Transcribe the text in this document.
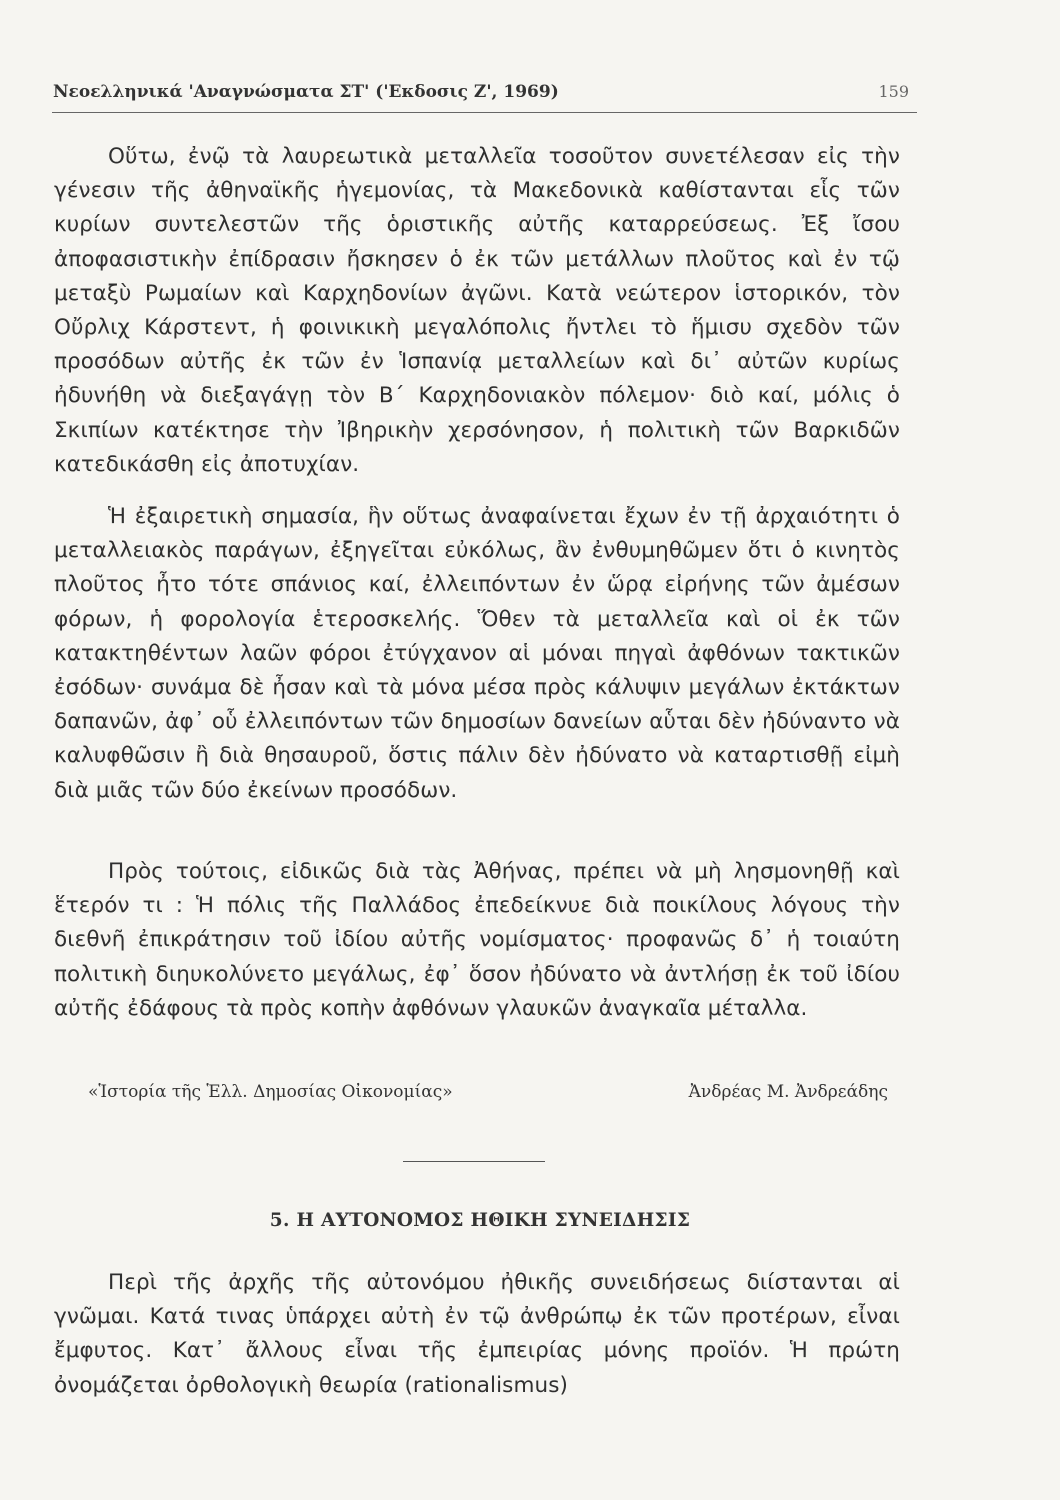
Νεοελληνικά 'Αναγνώσματα ΣΤ' ('Εκδοσις Ζ', 1969)	159

Οὕτω, ἐνῷ τὰ λαυρεωτικὰ μεταλλεῖα τοσοῦτον συνετέλεσαν εἰς τὴν γένεσιν τῆς ἀθηναϊκῆς ἡγεμονίας, τὰ Μακεδονικὰ καθίστανται εἷς τῶν κυρίων συντελεστῶν τῆς ὁριστικῆς αὐτῆς καταρρεύσεως. Ἐξ ἴσου ἀποφασιστικὴν ἐπίδρασιν ἤσκησεν ὁ ἐκ τῶν μετάλλων πλοῦτος καὶ ἐν τῷ μεταξὺ Ρωμαίων καὶ Καρχηδονίων ἀγῶνι. Κατὰ νεώτερον ἱστορικόν, τὸν Οὔρλιχ Κάρστεντ, ἡ φοινικικὴ μεγαλόπολις ἤντλει τὸ ἥμισυ σχεδὸν τῶν προσόδων αὐτῆς ἐκ τῶν ἐν Ἱσπανίᾳ μεταλλείων καὶ δι᾽ αὐτῶν κυρίως ἠδυνήθη νὰ διεξαγάγῃ τὸν Β΄ Καρχηδονιακὸν πόλεμον· διὸ καί, μόλις ὁ Σκιπίων κατέκτησε τὴν Ἰβηρικὴν χερσόνησον, ἡ πολιτικὴ τῶν Βαρκιδῶν κατεδικάσθη εἰς ἀποτυχίαν.

Ἡ ἐξαιρετικὴ σημασία, ἣν οὕτως ἀναφαίνεται ἔχων ἐν τῇ ἀρχαιότητι ὁ μεταλλειακὸς παράγων, ἐξηγεῖται εὐκόλως, ἂν ἐνθυμηθῶμεν ὅτι ὁ κινητὸς πλοῦτος ἦτο τότε σπάνιος καί, ἐλλειπόντων ἐν ὥρᾳ εἰρήνης τῶν ἀμέσων φόρων, ἡ φορολογία ἑτεροσκελής. Ὅθεν τὰ μεταλλεῖα καὶ οἱ ἐκ τῶν κατακτηθέντων λαῶν φόροι ἐτύγχανον αἱ μόναι πηγαὶ ἀφθόνων τακτικῶν ἐσόδων· συνάμα δὲ ἦσαν καὶ τὰ μόνα μέσα πρὸς κάλυψιν μεγάλων ἐκτάκτων δαπανῶν, ἀφ᾽ οὗ ἐλλειπόντων τῶν δημοσίων δανείων αὗται δὲν ἠδύναντο νὰ καλυφθῶσιν ἢ διὰ θησαυροῦ, ὅστις πάλιν δὲν ἠδύνατο νὰ καταρτισθῇ εἰμὴ διὰ μιᾶς τῶν δύο ἐκείνων προσόδων.

Πρὸς τούτοις, εἰδικῶς διὰ τὰς Ἀθήνας, πρέπει νὰ μὴ λησμονηθῇ καὶ ἕτερόν τι : Ἡ πόλις τῆς Παλλάδος ἐπεδείκνυε διὰ ποικίλους λόγους τὴν διεθνῆ ἐπικράτησιν τοῦ ἰδίου αὐτῆς νομίσματος· προφανῶς δ᾽ ἡ τοιαύτη πολιτικὴ διηυκολύνετο μεγάλως, ἐφ᾽ ὅσον ἠδύνατο νὰ ἀντλήσῃ ἐκ τοῦ ἰδίου αὐτῆς ἐδάφους τὰ πρὸς κοπὴν ἀφθόνων γλαυκῶν ἀναγκαῖα μέταλλα.

«Ἱστορία τῆς Ἑλλ. Δημοσίας Οἰκονομίας»	Ἀνδρέας Μ. Ἀνδρεάδης
5. Η ΑΥΤΟΝΟΜΟΣ ΗΘΙΚΗ ΣΥΝΕΙΔΗΣΙΣ

Περὶ τῆς ἀρχῆς τῆς αὐτονόμου ἠθικῆς συνειδήσεως διίστανται αἱ γνῶμαι. Κατά τινας ὑπάρχει αὐτὴ ἐν τῷ ἀνθρώπῳ ἐκ τῶν προτέρων, εἶναι ἔμφυτος. Κατ᾽ ἄλλους εἶναι τῆς ἐμπειρίας μόνης προϊόν. Ἡ πρώτη ὀνομάζεται ὀρθολογικὴ θεωρία (rationalismus)
